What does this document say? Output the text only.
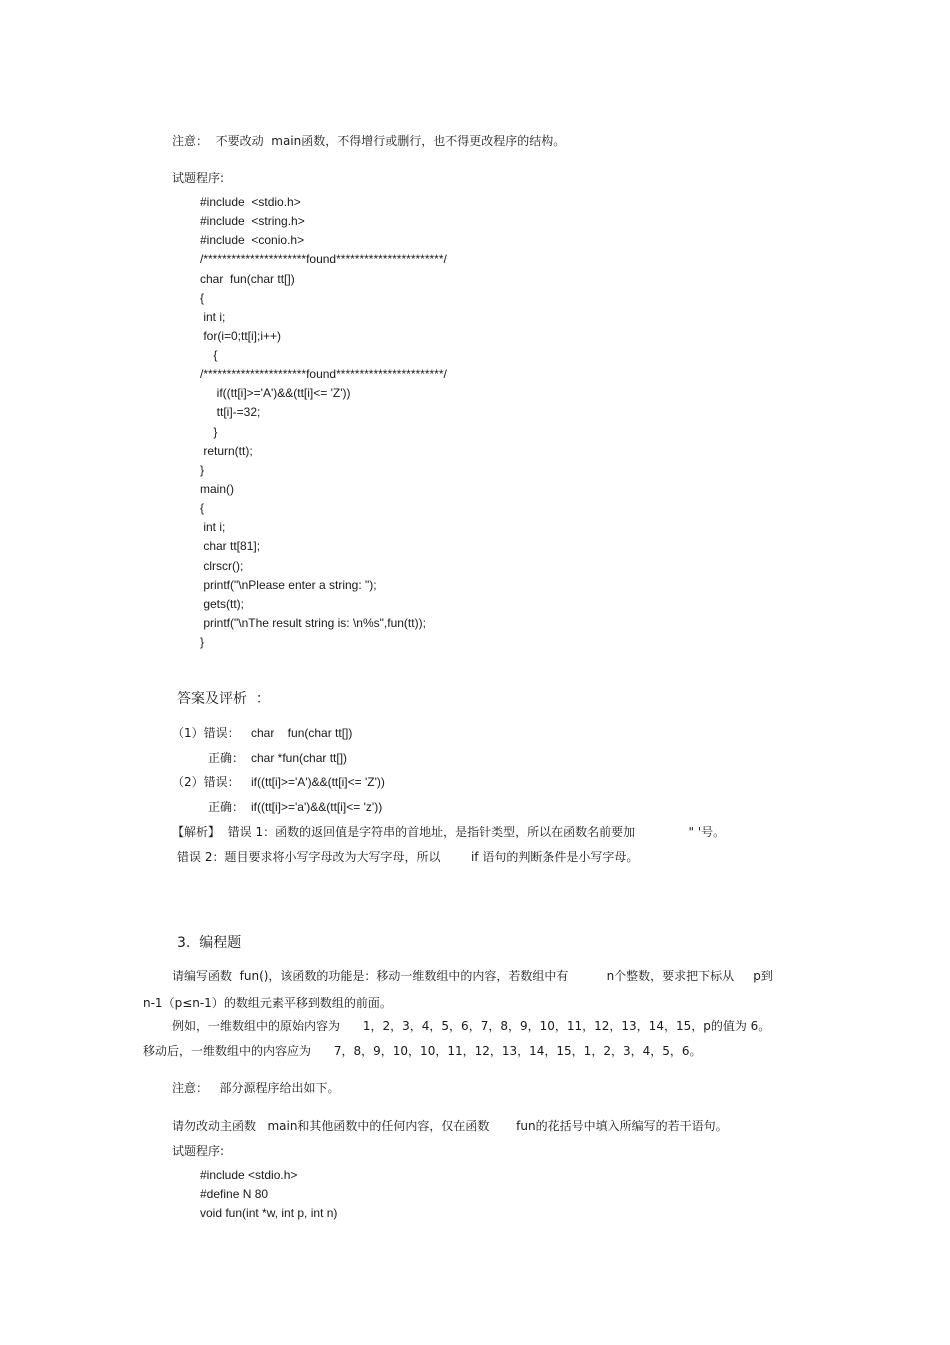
注意：  不要改动  main函数，不得增行或删行，也不得更改程序的结构。
试题程序:
#include  <stdio.h>
#include  <string.h>
#include  <conio.h>
/**********************found***********************/
char  fun(char tt[])
{
int i;
for(i=0;tt[i];i++)
{
/**********************found***********************/
if((tt[i]>='A')&&(tt[i]<= 'Z'))
tt[i]-=32;
}
return(tt);
}
main()
{
int i;
char tt[81];
clrscr();
printf("\nPlease enter a string: ");
gets(tt);
printf("\nThe result string is: \n%s",fun(tt));
}
答案及评析  ：
（1）错误： char    fun(char tt[])
正确： char *fun(char tt[])
（2）错误： if((tt[i]>='A')&&(tt[i]<= 'Z'))
正确： if((tt[i]>='a')&&(tt[i]<= 'z'))
【解析】  错误 1：函数的返回值是字符串的首地址，是指针类型，所以在函数名前要加              " '号。
错误 2：题目要求将小写字母改为大写字母，所以        if 语句的判断条件是小写字母。
3.  编程题
请编写函数  fun()，该函数的功能是：移动一维数组中的内容，若数组中有          n个整数，要求把下标从     p到
n-1（p≤n-1）的数组元素平移到数组的前面。
例如，一维数组中的原始内容为      1，2，3，4，5，6，7，8，9，10，11，12，13，14，15，p的值为 6。
移动后，一维数组中的内容应为      7，8，9，10，10，11，12，13，14，15，1，2，3，4，5，6。
注意：   部分源程序给出如下。
请勿改动主函数   main和其他函数中的任何内容，仅在函数       fun的花括号中填入所编写的若干语句。
试题程序:
#include <stdio.h>
#define N 80
void fun(int *w, int p, int n)
